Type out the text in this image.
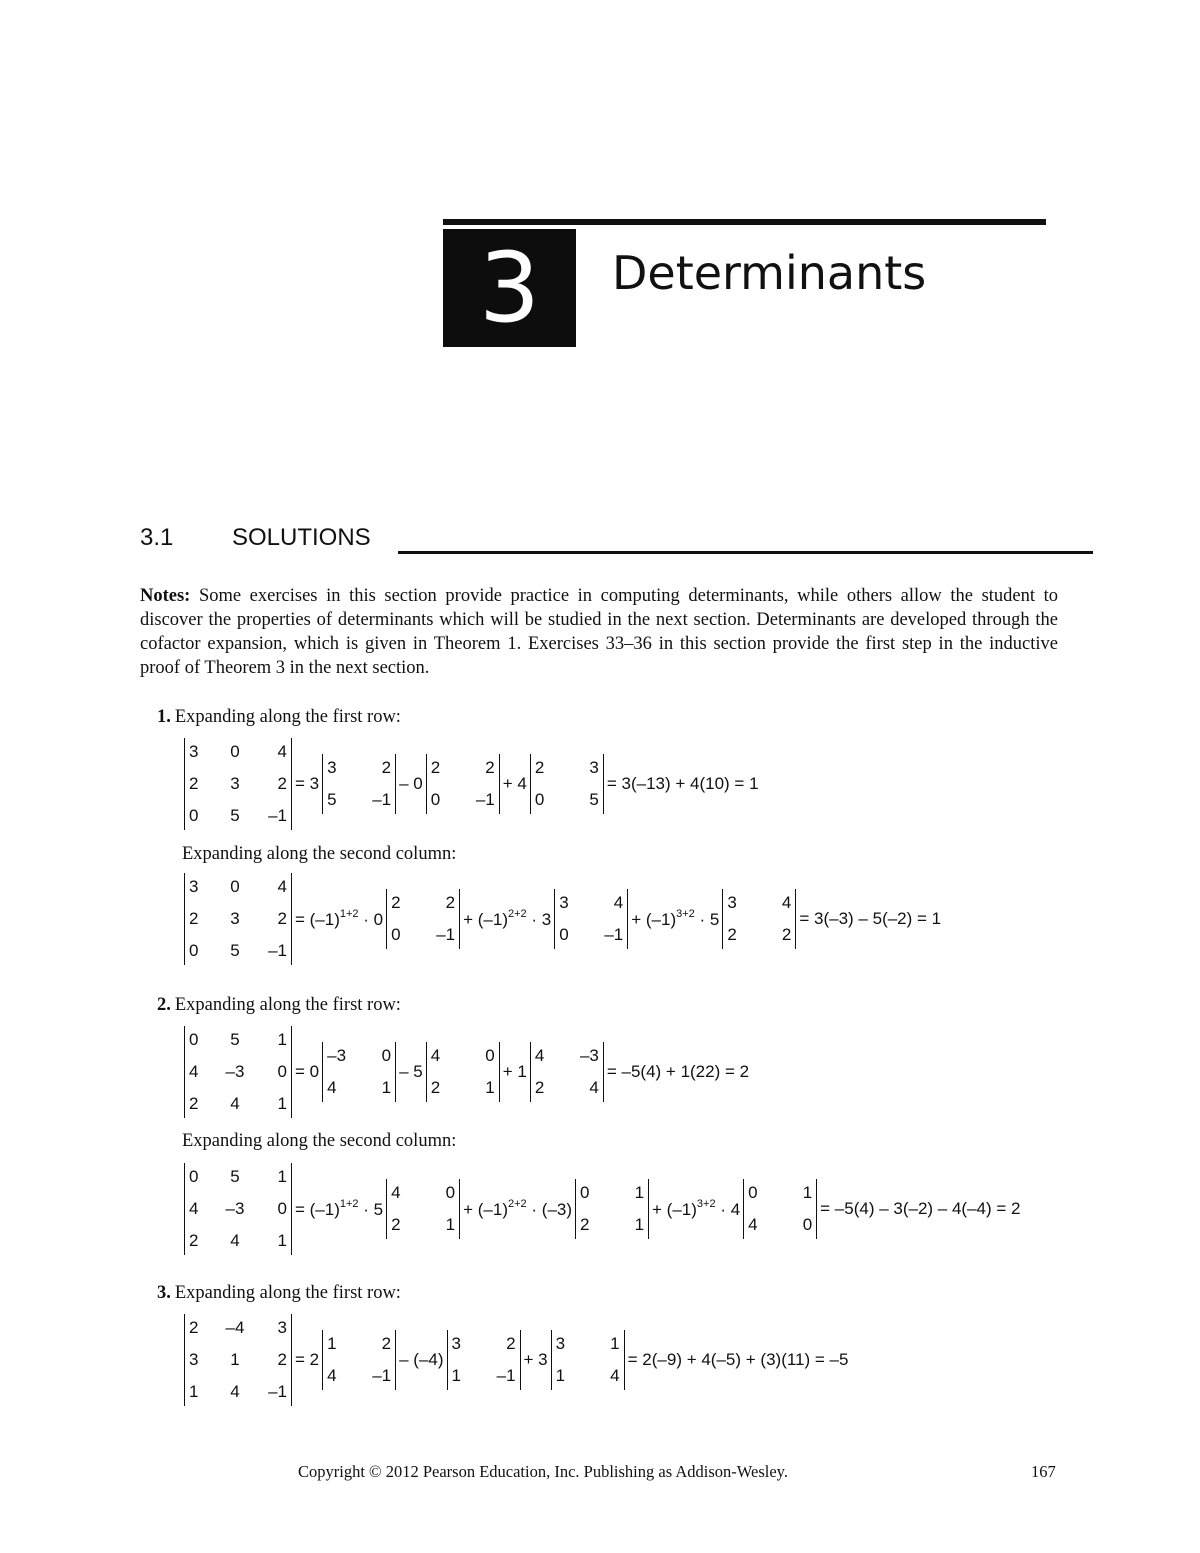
3	Determinants
3.1 SOLUTIONS
Notes: Some exercises in this section provide practice in computing determinants, while others allow the student to discover the properties of determinants which will be studied in the next section. Determinants are developed through the cofactor expansion, which is given in Theorem 1. Exercises 33–36 in this section provide the first step in the inductive proof of Theorem 3 in the next section.
1. Expanding along the first row:
3	0	4
2	3	2
0	5	–1
= 3
3	2
5	–1
– 0
2	2
0	–1
+ 4
2	3
0	5
= 3(–13) + 4(10) = 1
Expanding along the second column:
3	0	4
2	3	2
0	5	–1
= $(-1)^{1+2} \cdot 0$
2	2
0	–1
+ $(-1)^{2+2} \cdot 3$
3	4
0	–1
+ $(-1)^{3+2} \cdot 5$
3	4
2	2
= 3(–3) – 5(–2) = 1
2. Expanding along the first row:
0	5	1
4	–3	0
2	4	1
= 0
–3	0
4	1
– 5
4	0
2	1
+ 1
4	–3
2	4
= –5(4) + 1(22) = 2
Expanding along the second column:
0	5	1
4	–3	0
2	4	1
= $(-1)^{1+2} \cdot 5$
4	0
2	1
+ $(-1)^{2+2} \cdot (-3)$
0	1
2	1
+ $(-1)^{3+2} \cdot 4$
0	1
4	0
= –5(4) – 3(–2) – 4(–4) = 2
3. Expanding along the first row:
2	–4	3
3	1	2
1	4	–1
= 2
1	2
4	–1
– (–4)
3	2
1	–1
+ 3
3	1
1	4
= 2(–9) + 4(–5) + (3)(11) = –5
Copyright © 2012 Pearson Education, Inc. Publishing as Addison-Wesley.	167
